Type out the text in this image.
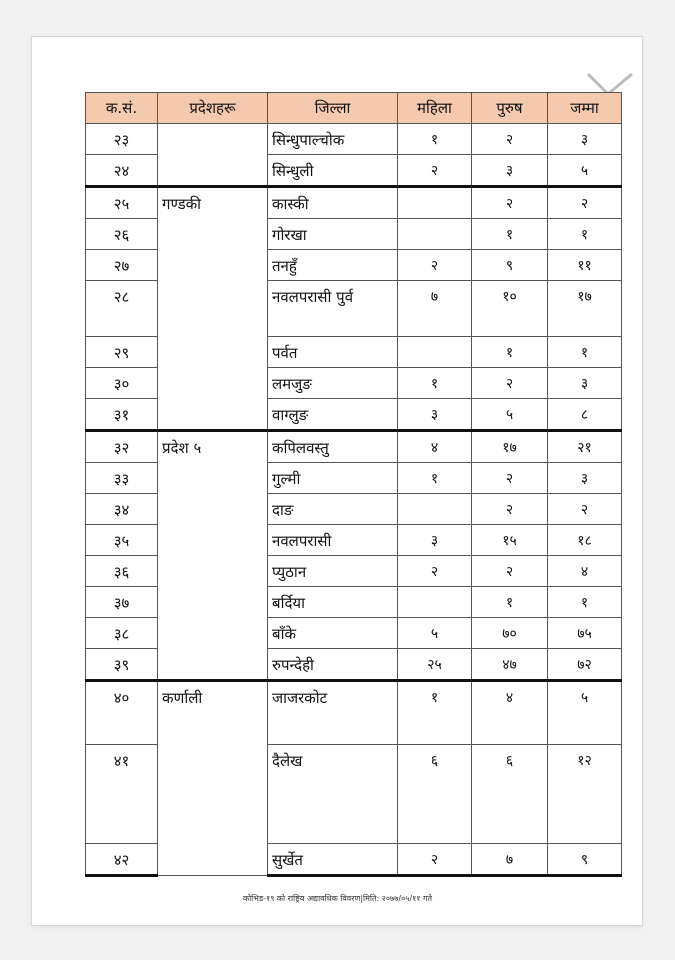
क.सं.	प्रदेशहरू	जिल्ला	महिला	पुरुष	जम्मा
२३		सिन्धुपाल्चोक	१	२	३
२४		सिन्धुली	२	३	५
२५	गण्डकी	कास्की		२	२
२६		गोरखा		१	१
२७		तनहुँ	२	९	११
२८		नवलपरासी पुर्व	७	१०	१७
२९		पर्वत		१	१
३०		लमजुङ	१	२	३
३१		वाग्लुङ	३	५	८
३२	प्रदेश ५	कपिलवस्तु	४	१७	२१
३३		गुल्मी	१	२	३
३४		दाङ		२	२
३५		नवलपरासी	३	१५	१८
३६		प्युठान	२	२	४
३७		बर्दिया		१	१
३८		बाँके	५	७०	७५
३९		रुपन्देही	२५	४७	७२
४०	कर्णाली	जाजरकोट	१	४	५
४१		दैलेख	६	६	१२
४२		सुर्खेत	२	७	९
कोभिड-१९ को राष्ट्रिय अद्यावधिक विवरण|मिति: २०७७/०५/११ गते
